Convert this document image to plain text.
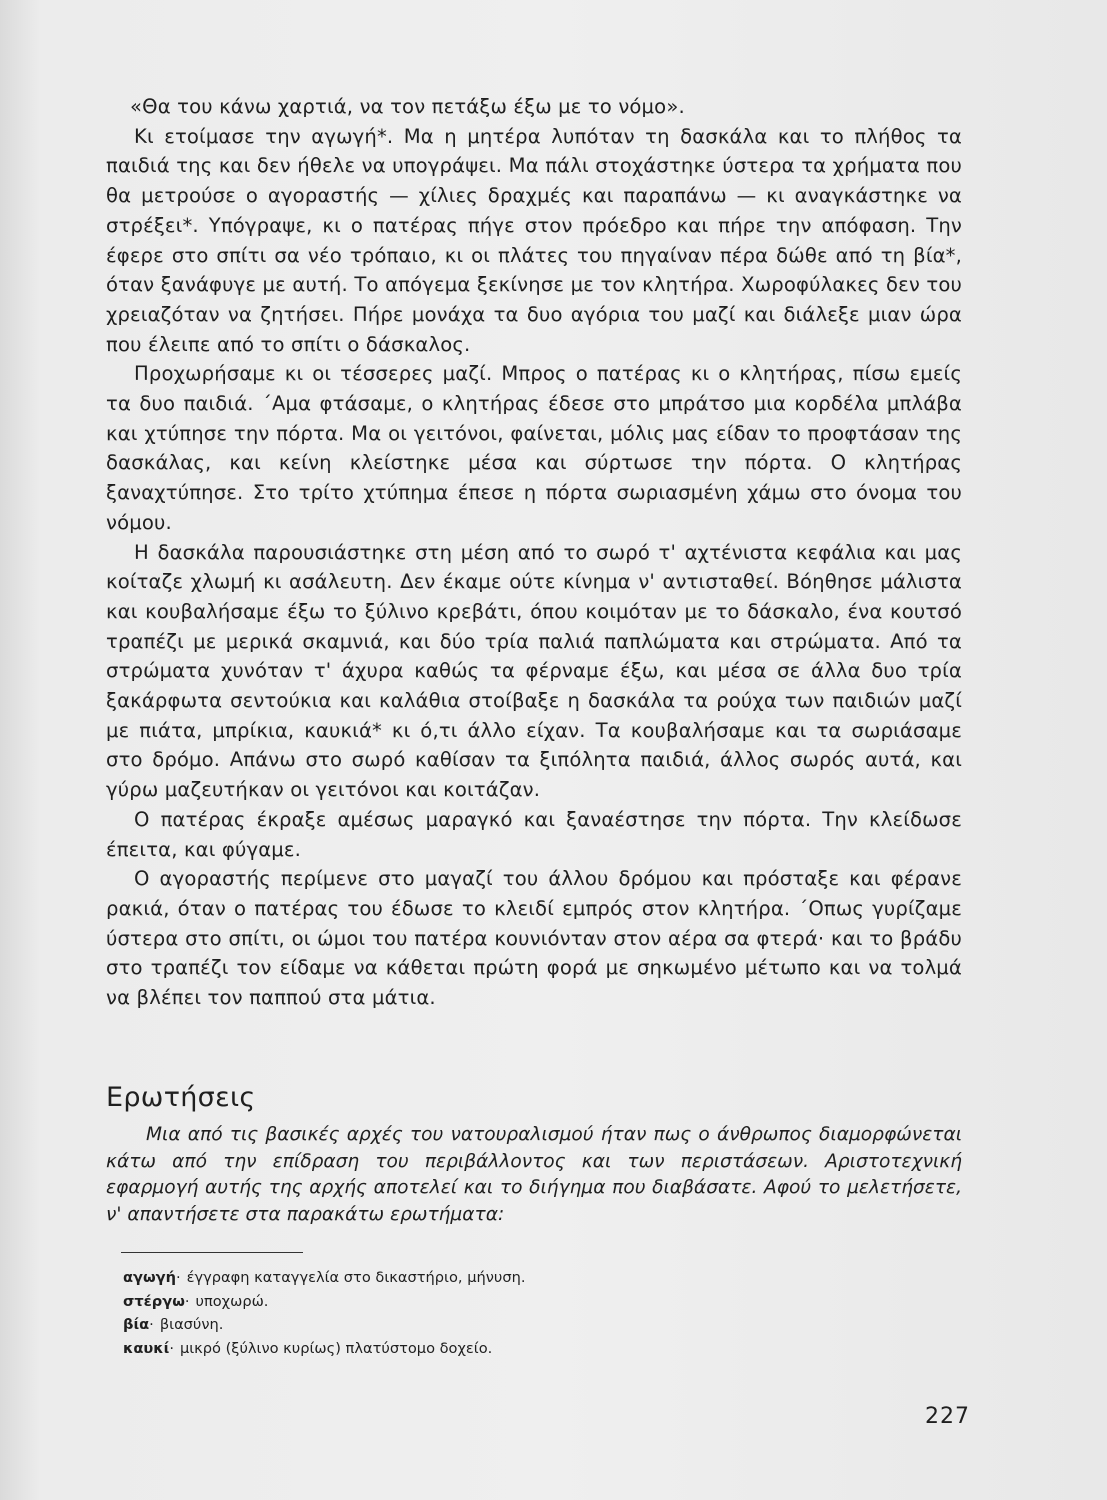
«Θα του κάνω χαρτιά, να τον πετάξω έξω με το νόμο».

Κι ετοίμασε την αγωγή*. Μα η μητέρα λυπόταν τη δασκάλα και το πλήθος τα παιδιά της και δεν ήθελε να υπογράψει. Μα πάλι στοχάστηκε ύστερα τα χρήματα που θα μετρούσε ο αγοραστής — χίλιες δραχμές και παραπάνω — κι αναγκάστηκε να στρέξει*. Υπόγραψε, κι ο πατέρας πήγε στον πρόεδρο και πήρε την απόφαση. Την έφερε στο σπίτι σα νέο τρόπαιο, κι οι πλάτες του πηγαίναν πέρα δώθε από τη βία*, όταν ξανάφυγε με αυτή. Το απόγεμα ξεκίνησε με τον κλητήρα. Χωροφύλακες δεν του χρειαζόταν να ζητήσει. Πήρε μονάχα τα δυο αγόρια του μαζί και διάλεξε μιαν ώρα που έλειπε από το σπίτι ο δάσκαλος.

Προχωρήσαμε κι οι τέσσερες μαζί. Μπρος ο πατέρας κι ο κλητήρας, πίσω εμείς τα δυο παιδιά. ΄Αμα φτάσαμε, ο κλητήρας έδεσε στο μπράτσο μια κορδέλα μπλάβα και χτύπησε την πόρτα. Μα οι γειτόνοι, φαίνεται, μόλις μας είδαν το προφτάσαν της δασκάλας, και κείνη κλείστηκε μέσα και σύρτωσε την πόρτα. Ο κλητήρας ξαναχτύπησε. Στο τρίτο χτύπημα έπεσε η πόρτα σωριασμένη χάμω στο όνομα του νόμου.

Η δασκάλα παρουσιάστηκε στη μέση από το σωρό τ' αχτένιστα κεφάλια και μας κοίταζε χλωμή κι ασάλευτη. Δεν έκαμε ούτε κίνημα ν' αντισταθεί. Βόηθησε μάλιστα και κουβαλήσαμε έξω το ξύλινο κρεβάτι, όπου κοιμόταν με το δάσκαλο, ένα κουτσό τραπέζι με μερικά σκαμνιά, και δύο τρία παλιά παπλώματα και στρώματα. Από τα στρώματα χυνόταν τ' άχυρα καθώς τα φέρναμε έξω, και μέσα σε άλλα δυο τρία ξακάρφωτα σεντούκια και καλάθια στοίβαξε η δασκάλα τα ρούχα των παιδιών μαζί με πιάτα, μπρίκια, καυκιά* κι ό,τι άλλο είχαν. Τα κουβαλήσαμε και τα σωριάσαμε στο δρόμο. Απάνω στο σωρό καθίσαν τα ξιπόλητα παιδιά, άλλος σωρός αυτά, και γύρω μαζευτήκαν οι γειτόνοι και κοιτάζαν.

Ο πατέρας έκραξε αμέσως μαραγκό και ξαναέστησε την πόρτα. Την κλείδωσε έπειτα, και φύγαμε.

Ο αγοραστής περίμενε στο μαγαζί του άλλου δρόμου και πρόσταξε και φέρανε ρακιά, όταν ο πατέρας του έδωσε το κλειδί εμπρός στον κλητήρα. ΄Οπως γυρίζαμε ύστερα στο σπίτι, οι ώμοι του πατέρα κουνιόνταν στον αέρα σα φτερά· και το βράδυ στο τραπέζι τον είδαμε να κάθεται πρώτη φορά με σηκωμένο μέτωπο και να τολμά να βλέπει τον παππού στα μάτια.

Ερωτήσεις

Μια από τις βασικές αρχές του νατουραλισμού ήταν πως ο άνθρωπος διαμορφώνεται κάτω από την επίδραση του περιβάλλοντος και των περιστάσεων. Αριστοτεχνική εφαρμογή αυτής της αρχής αποτελεί και το διήγημα που διαβάσατε. Αφού το μελετήσετε, ν' απαντήσετε στα παρακάτω ερωτήματα:

αγωγή· έγγραφη καταγγελία στο δικαστήριο, μήνυση.
στέργω· υποχωρώ.
βία· βιασύνη.
καυκί· μικρό (ξύλινο κυρίως) πλατύστομο δοχείο.
227
